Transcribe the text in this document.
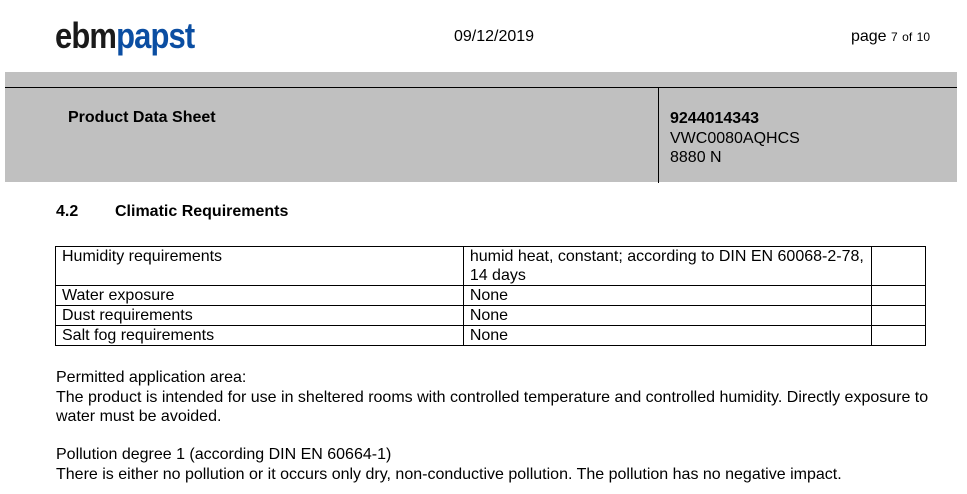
ebmpapst	09/12/2019	page 7 of 10
Product Data Sheet	9244014343
VWC0080AQHCS
8880 N
4.2 Climatic Requirements
Humidity requirements	humid heat, constant; according to DIN EN 60068-2-78, 14 days	
Water exposure	None	
Dust requirements	None	
Salt fog requirements	None	
Permitted application area:
The product is intended for use in sheltered rooms with controlled temperature and controlled humidity. Directly exposure to water must be avoided.
Pollution degree 1 (according DIN EN 60664-1)
There is either no pollution or it occurs only dry, non-conductive pollution. The pollution has no negative impact.
